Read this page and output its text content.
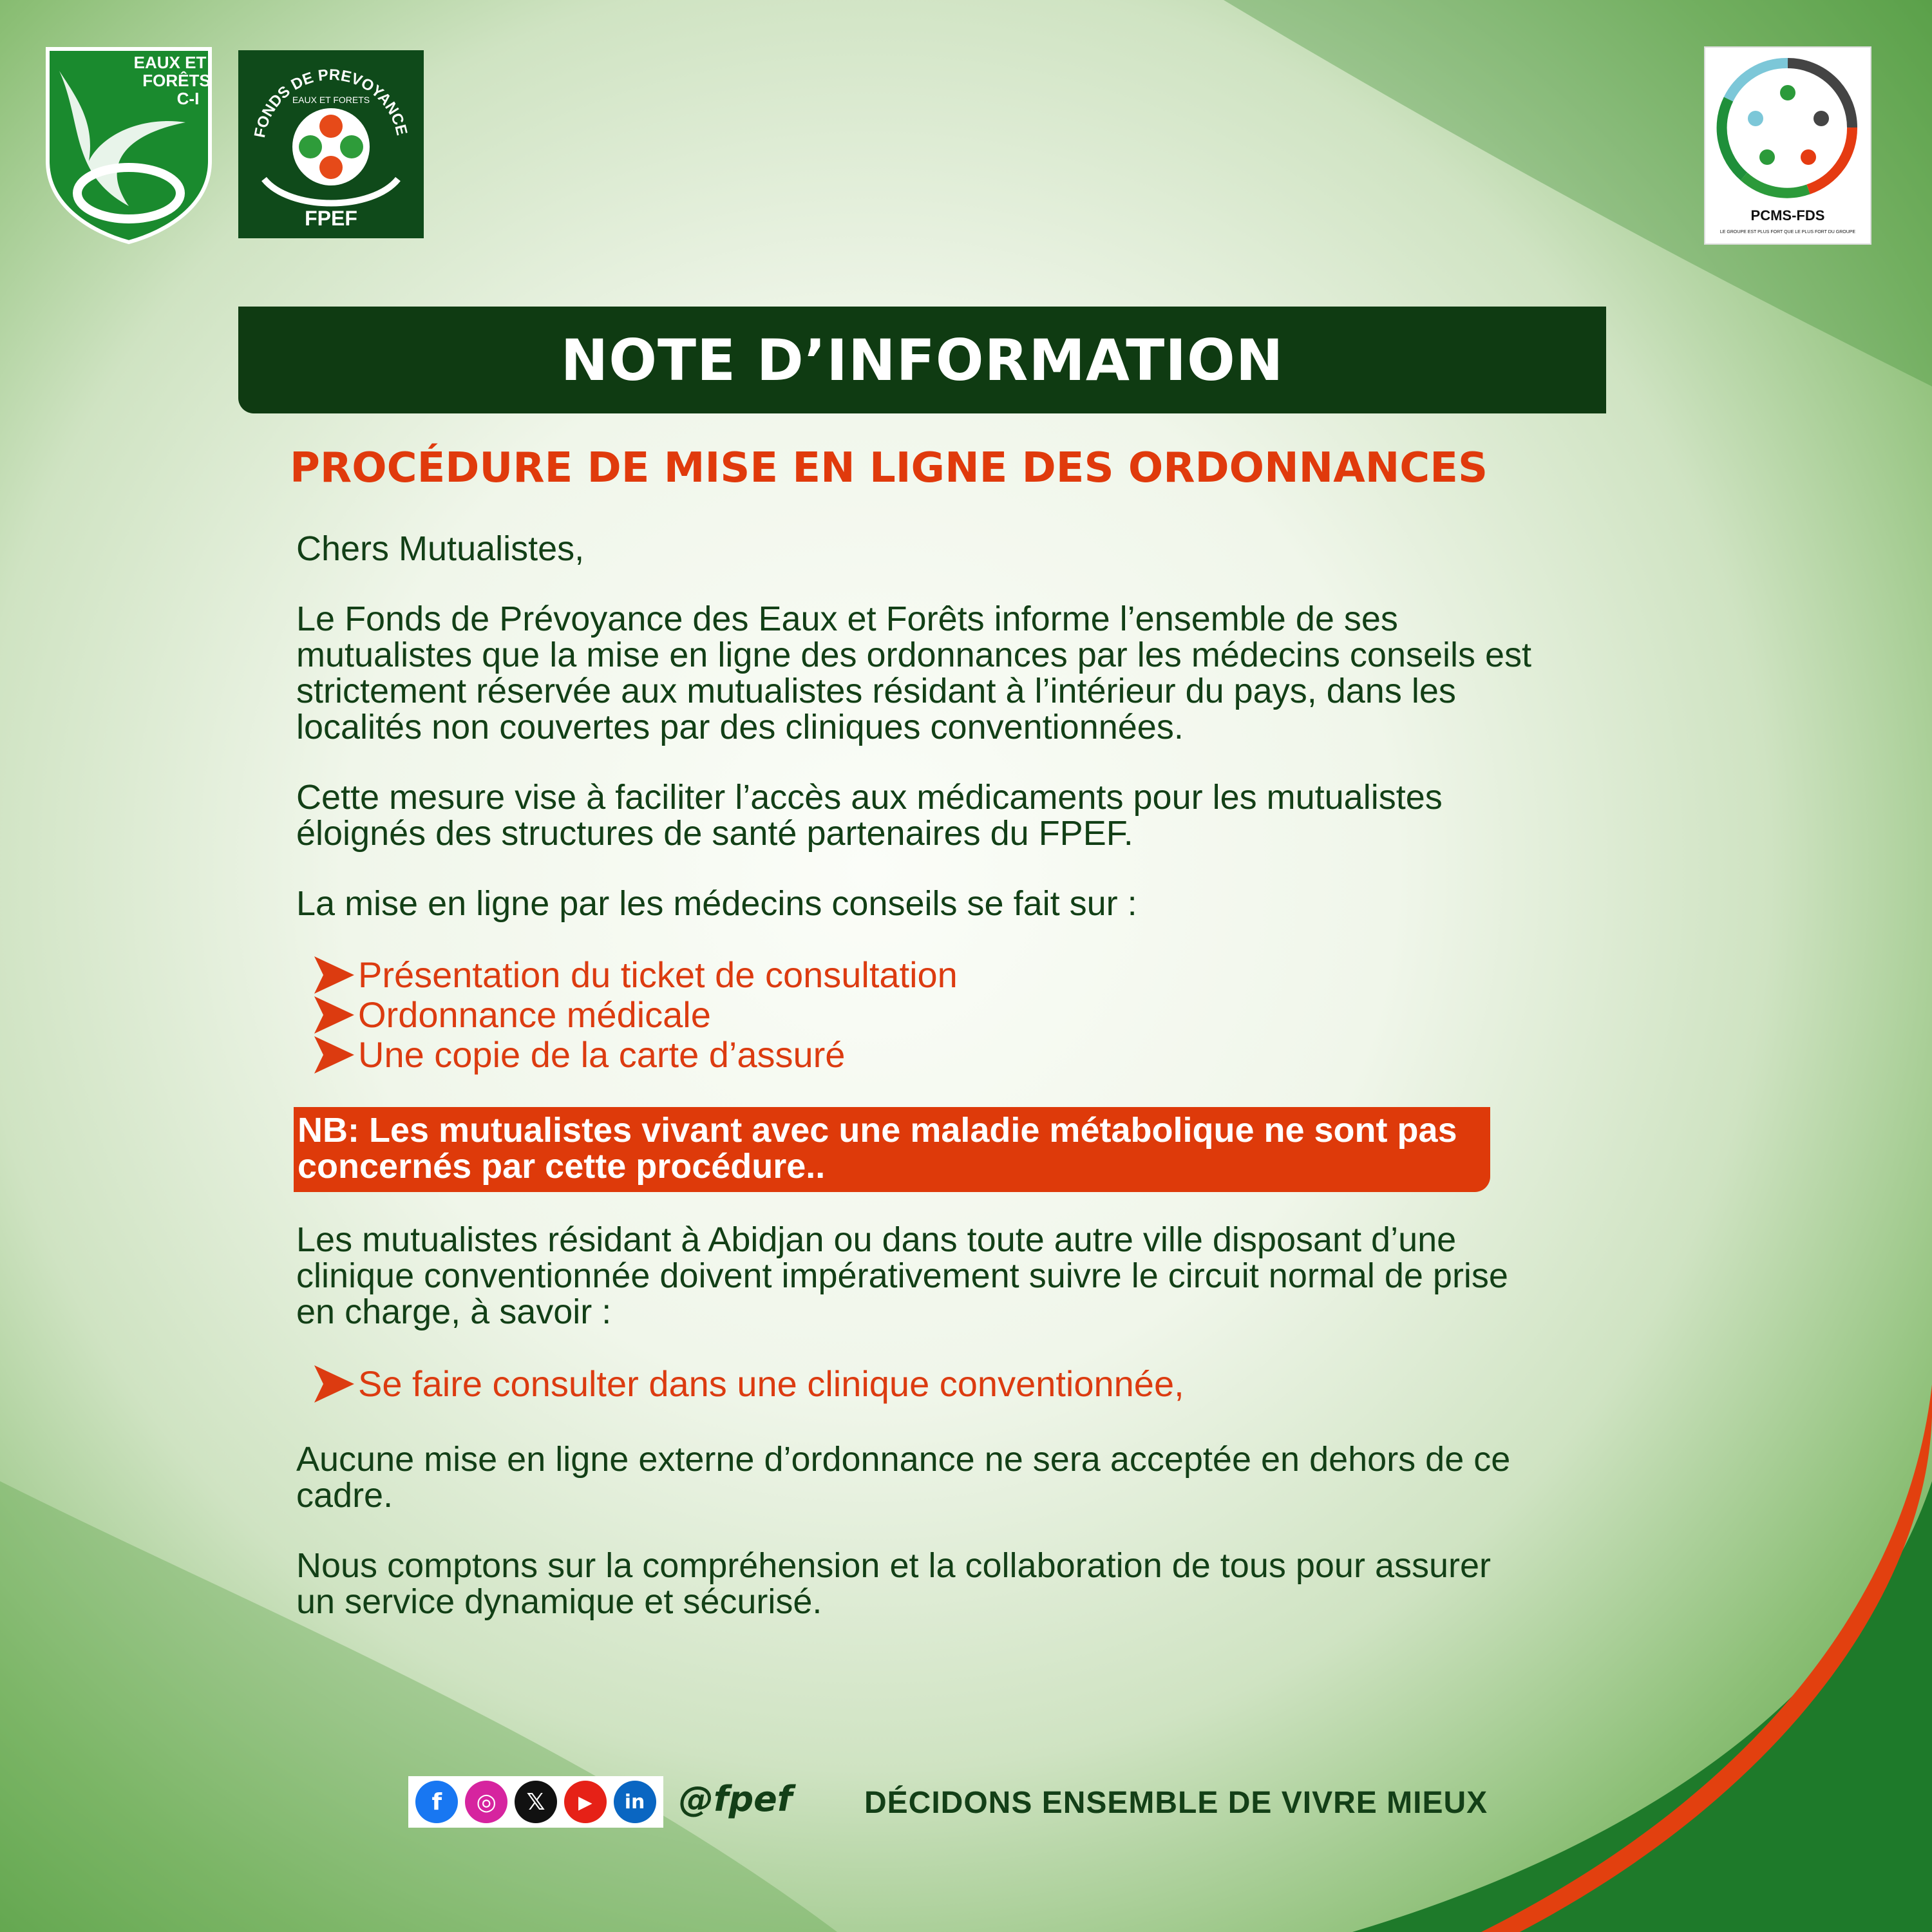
EAUX ET
FORÊTS
C-I
FONDS DE PREVOYANCE
EAUX ET FORETS
FPEF	PCMS-FDS
LE GROUPE EST PLUS FORT QUE LE PLUS FORT DU GROUPE
NOTE D’INFORMATION
PROCÉDURE DE MISE EN LIGNE DES ORDONNANCES

Chers Mutualistes,

Le Fonds de Prévoyance des Eaux et Forêts informe l’ensemble de ses mutualistes que la mise en ligne des ordonnances par les médecins conseils est strictement réservée aux mutualistes résidant à l’intérieur du pays, dans les localités non couvertes par des cliniques conventionnées.

Cette mesure vise à faciliter l’accès aux médicaments pour les mutualistes éloignés des structures de santé partenaires du FPEF.

La mise en ligne par les médecins conseils se fait sur :

Présentation du ticket de consultation
Ordonnance médicale
Une copie de la carte d’assuré
NB: Les mutualistes vivant avec une maladie métabolique ne sont pas concernés par cette procédure..

Les mutualistes résidant à Abidjan ou dans toute autre ville disposant d’une clinique conventionnée doivent impérativement suivre le circuit normal de prise en charge, à savoir :

Se faire consulter dans une clinique conventionnée,

Aucune mise en ligne externe d’ordonnance ne sera acceptée en dehors de ce cadre.

Nous comptons sur la compréhension et la collaboration de tous pour assurer un service dynamique et sécurisé.

f	◎	𝕏	▶	in @fpef DÉCIDONS ENSEMBLE DE VIVRE MIEUX
